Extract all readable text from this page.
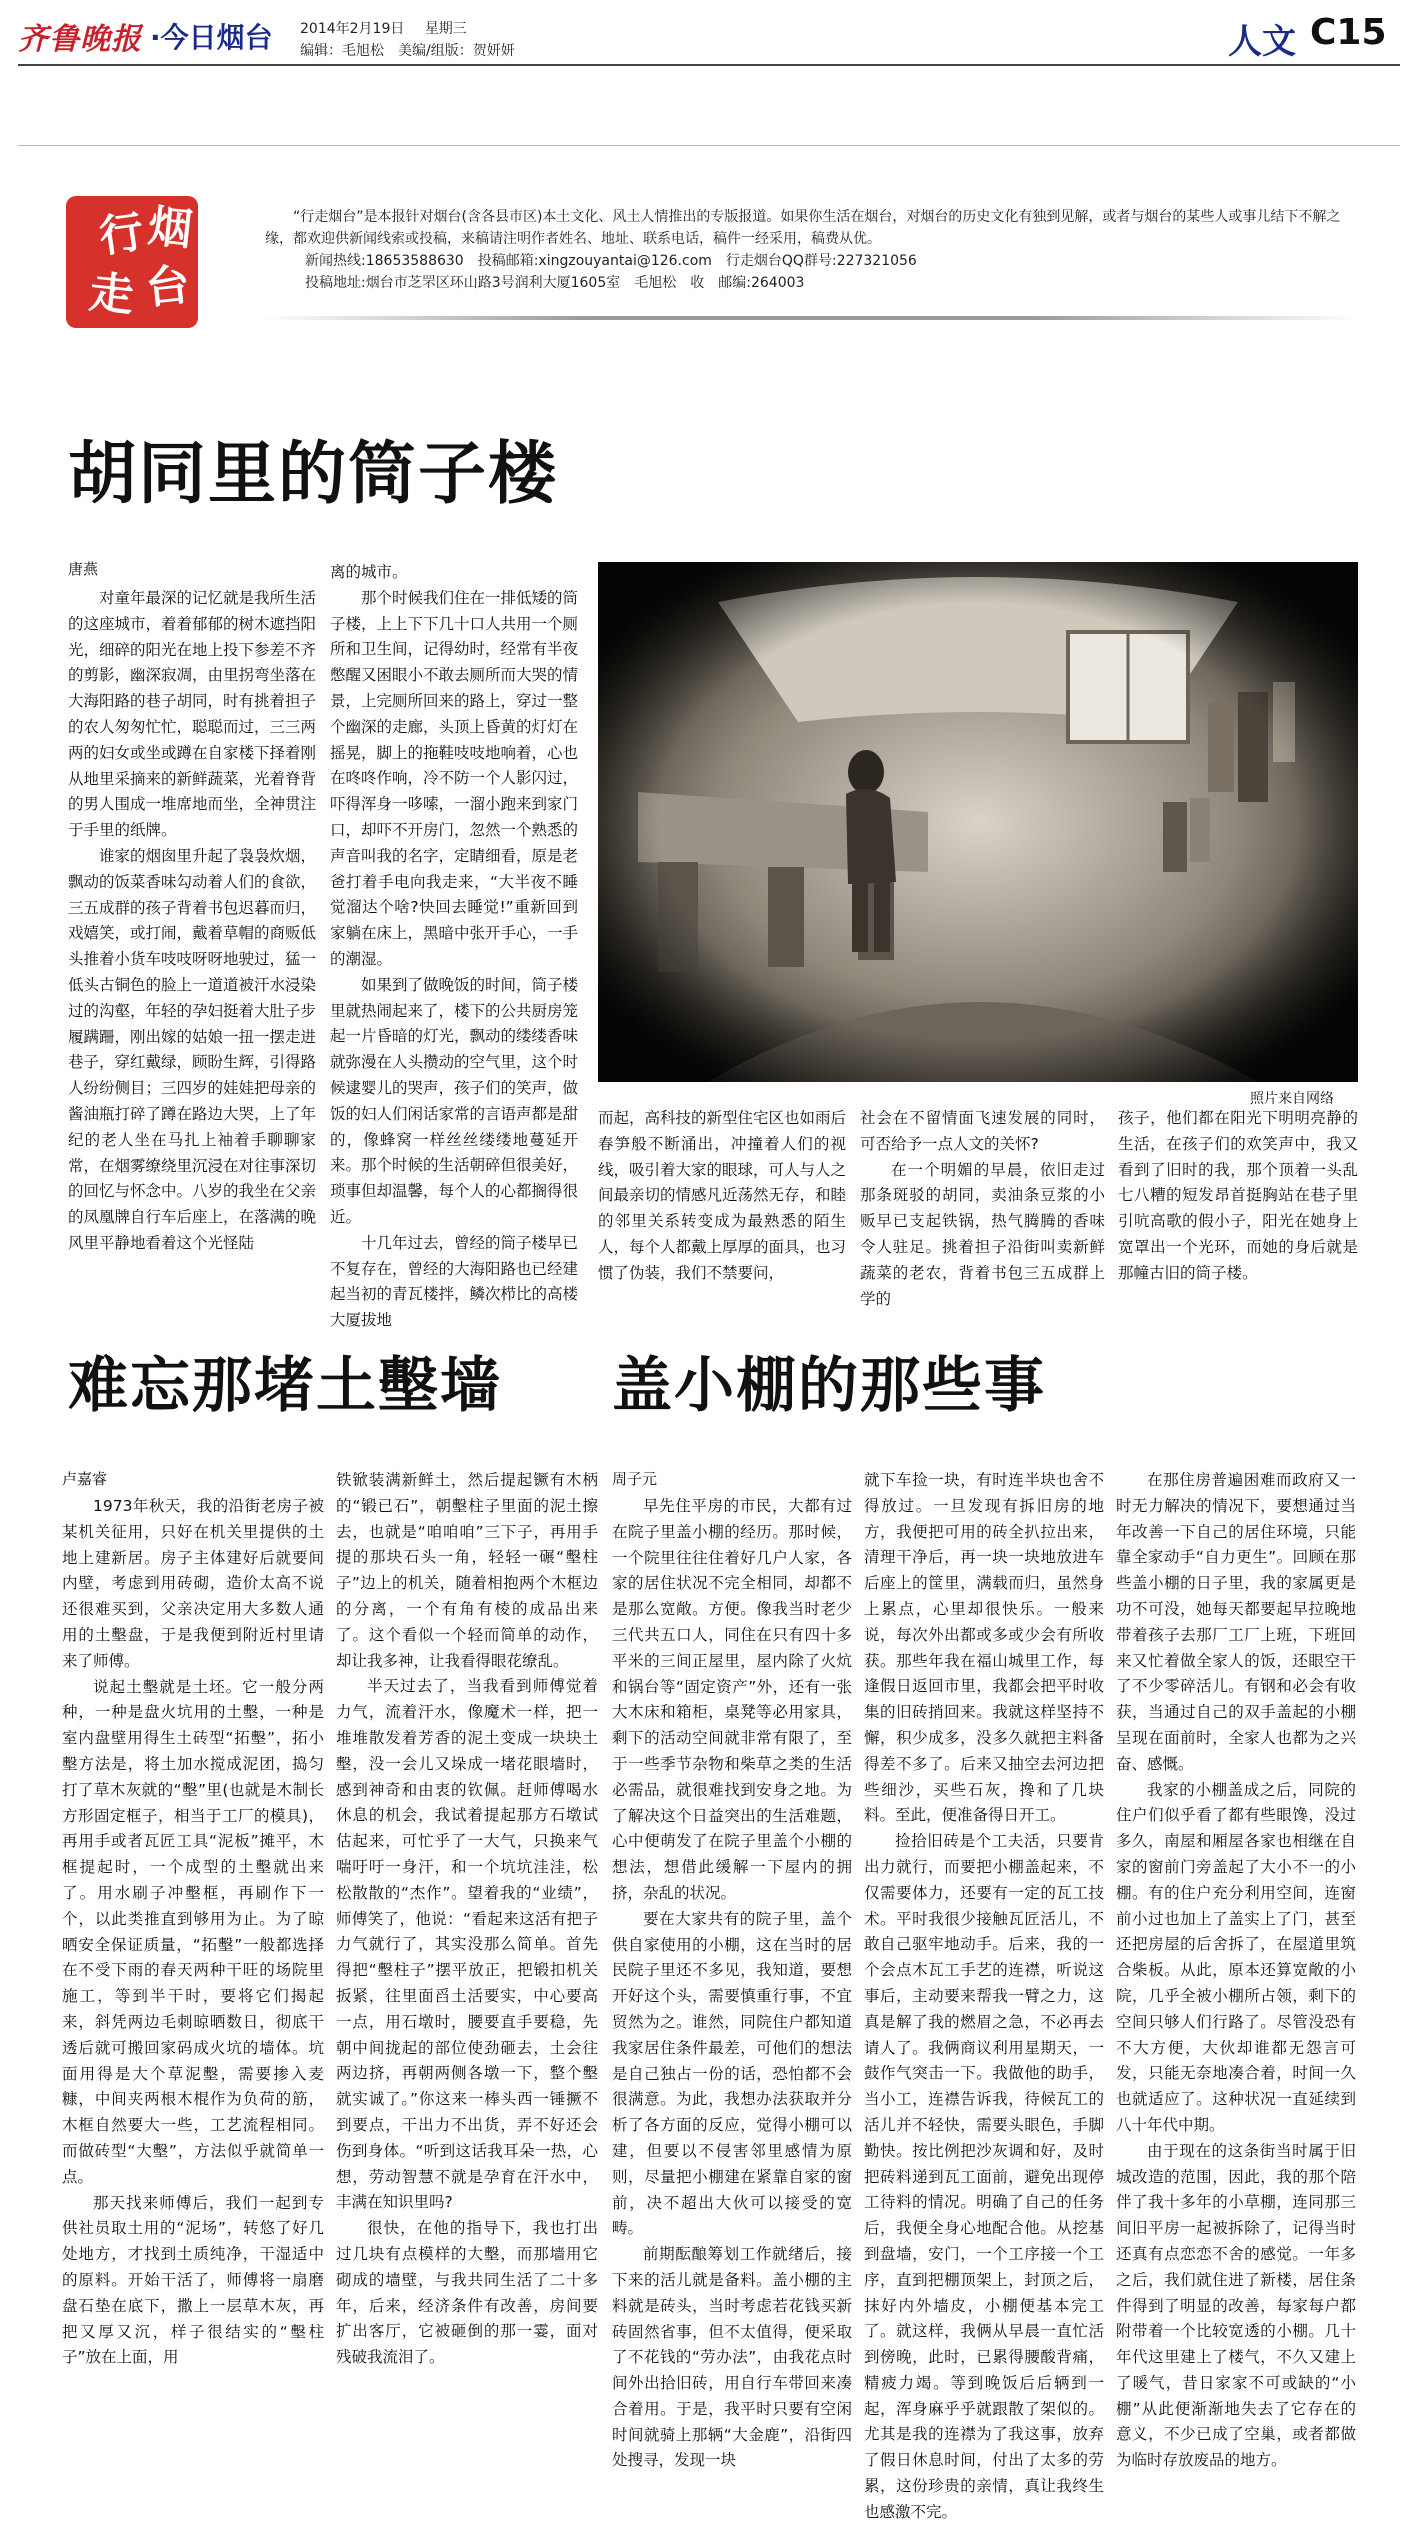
齐鲁晚报 ·今日烟台 2014年2月19日 星期三
编辑：毛旭松　美编/组版：贺妍妍	人文 C15
行
烟
走 台
“行走烟台”是本报针对烟台(含各县市区)本土文化、风土人情推出的专版报道。如果你生活在烟台，对烟台的历史文化有独到见解，或者与烟台的某些人或事儿结下不解之缘，都欢迎供新闻线索或投稿，来稿请注明作者姓名、地址、联系电话，稿件一经采用，稿费从优。
新闻热线:18653588630　投稿邮箱:xingzouyantai@126.com　行走烟台QQ群号:227321056
投稿地址:烟台市芝罘区环山路3号润利大厦1605室　毛旭松　收　邮编:264003
胡同里的筒子楼
唐燕

对童年最深的记忆就是我所生活的这座城市，着着郁郁的树木遮挡阳光，细碎的阳光在地上投下参差不齐的剪影，幽深寂凋，由里拐弯坐落在大海阳路的巷子胡同，时有挑着担子的农人匆匆忙忙，聪聪而过，三三两两的妇女或坐或蹲在自家楼下择着刚从地里采摘来的新鲜蔬菜，光着脊背的男人围成一堆席地而坐，全神贯注于手里的纸牌。

谁家的烟囱里升起了袅袅炊烟，飘动的饭菜香味勾动着人们的食欲，三五成群的孩子背着书包迟暮而归，戏嬉笑，或打闹，戴着草帽的商贩低头推着小货车吱吱呀呀地驶过，猛一低头古铜色的脸上一道道被汗水浸染过的沟壑，年轻的孕妇挺着大肚子步履蹒跚，刚出嫁的姑娘一扭一摆走进巷子，穿红戴绿，顾盼生辉，引得路人纷纷侧目；三四岁的娃娃把母亲的酱油瓶打碎了蹲在路边大哭，上了年纪的老人坐在马扎上袖着手聊聊家常，在烟雾缭绕里沉浸在对往事深切的回忆与怀念中。八岁的我坐在父亲的凤凰牌自行车后座上，在落满的晚风里平静地看着这个光怪陆

离的城市。

那个时候我们住在一排低矮的筒子楼，上上下下几十口人共用一个厕所和卫生间，记得幼时，经常有半夜憋醒又困眼小不敢去厕所而大哭的情景，上完厕所回来的路上，穿过一整个幽深的走廊，头顶上昏黄的灯灯在摇晃，脚上的拖鞋吱吱地响着，心也在咚咚作响，冷不防一个人影闪过，吓得浑身一哆嗦，一溜小跑来到家门口，却吓不开房门，忽然一个熟悉的声音叫我的名字，定睛细看，原是老爸打着手电向我走来，“大半夜不睡觉溜达个啥?快回去睡觉!”重新回到家躺在床上，黑暗中张开手心，一手的潮湿。

如果到了做晚饭的时间，筒子楼里就热闹起来了，楼下的公共厨房笼起一片昏暗的灯光，飘动的缕缕香味就弥漫在人头攒动的空气里，这个时候逮婴儿的哭声，孩子们的笑声，做饭的妇人们闲话家常的言语声都是甜的，像蜂窝一样丝丝缕缕地蔓延开来。那个时候的生活朝碎但很美好，琐事但却温馨，每个人的心都搁得很近。

十几年过去，曾经的筒子楼早已不复存在，曾经的大海阳路也已经建起当初的青瓦楼拌，鳞次栉比的高楼大厦拔地

照片来自网络

而起，高科技的新型住宅区也如雨后春笋般不断涌出，冲撞着人们的视线，吸引着大家的眼球，可人与人之间最亲切的情感凡近荡然无存，和睦的邻里关系转变成为最熟悉的陌生人，每个人都戴上厚厚的面具，也习惯了伪装，我们不禁要问，

社会在不留情面飞速发展的同时，可否给予一点人文的关怀?

在一个明媚的早晨，依旧走过那条斑驳的胡同，卖油条豆浆的小贩早已支起铁锅，热气腾腾的香味令人驻足。挑着担子沿街叫卖新鲜蔬菜的老农，背着书包三五成群上学的

孩子，他们都在阳光下明明亮静的生活，在孩子们的欢笑声中，我又看到了旧时的我，那个顶着一头乱七八糟的短发昂首挺胸站在巷子里引吭高歌的假小子，阳光在她身上宽罩出一个光环，而她的身后就是那幢古旧的筒子楼。

难忘那堵土墼墙
卢嘉睿

1973年秋天，我的沿街老房子被某机关征用，只好在机关里提供的土地上建新居。房子主体建好后就要间内壁，考虑到用砖砌，造价太高不说还很难买到，父亲决定用大多数人通用的土墼盘，于是我便到附近村里请来了师傅。

说起土墼就是土坯。它一般分两种，一种是盘火坑用的土墼，一种是室内盘壁用得生土砖型“拓墼”，拓小墼方法是，将土加水搅成泥团，捣匀打了草木灰就的“墼”里(也就是木制长方形固定框子，相当于工厂的模具)，再用手或者瓦匠工具“泥板”摊平，木框提起时，一个成型的土墼就出来了。用水刷子冲墼框，再刷作下一个，以此类推直到够用为止。为了晾晒安全保证质量，“拓墼”一般都选择在不受下雨的春天两种干旺的场院里施工，等到半干时，要将它们揭起来，斜凭两边毛刺晾晒数日，彻底干透后就可搬回家码成火坑的墙体。坑面用得是大个草泥墼，需要掺入麦糠，中间夹两根木棍作为负荷的筋，木框自然要大一些，工艺流程相同。而做砖型“大墼”，方法似乎就简单一点。

那天找来师傅后，我们一起到专供社员取土用的“泥场”，转悠了好几处地方，才找到土质纯净，干湿适中的原料。开始干活了，师傅将一扇磨盘石垫在底下，撒上一层草木灰，再把又厚又沉，样子很结实的“墼柱子”放在上面，用

铁锨装满新鲜土，然后提起镢有木柄的“锻已石”，朝墼柱子里面的泥土擦去，也就是“咱咱咱”三下子，再用手提的那块石头一角，轻轻一碾“墼柱子”边上的机关，随着相抱两个木框边的分离，一个有角有棱的成品出来了。这个看似一个轻而简单的动作，却让我多神，让我看得眼花缭乱。

半天过去了，当我看到师傅觉着力气，流着汗水，像魔术一样，把一堆堆散发着芳香的泥土变成一块块土墼，没一会儿又垛成一堵花眼墙时，感到神奇和由衷的钦佩。赶师傅喝水休息的机会，我试着提起那方石墩试估起来，可忙乎了一大气，只换来气喘吁吁一身汗，和一个坑坑洼洼，松松散散的“杰作”。望着我的“业绩”，师傅笑了，他说：“看起来这活有把子力气就行了，其实没那么简单。首先得把“墼柱子”摆平放正，把锻扣机关扳紧，往里面舀土活要实，中心要高一点，用石墩时，腰要直手要稳，先朝中间拢起的部位使劲砸去，土会往两边挤，再朝两侧各墩一下，整个墼就实诚了。”你这来一棒头西一锤撅不到要点，干出力不出货，弄不好还会伤到身体。“听到这话我耳朵一热，心想，劳动智慧不就是孕育在汗水中，丰满在知识里吗?

很快，在他的指导下，我也打出过几块有点模样的大墼，而那墙用它砌成的墙壁，与我共同生活了二十多年，后来，经济条件有改善，房间要扩出客厅，它被砸倒的那一霎，面对残破我流泪了。

盖小棚的那些事
周子元

早先住平房的市民，大都有过在院子里盖小棚的经历。那时候，一个院里往往住着好几户人家，各家的居住状况不完全相同，却都不是那么宽敞。方便。像我当时老少三代共五口人，同住在只有四十多平米的三间正屋里，屋内除了火炕和锅台等“固定资产”外，还有一张大木床和箱柜，桌凳等必用家具，剩下的活动空间就非常有限了，至于一些季节杂物和柴草之类的生活必需品，就很难找到安身之地。为了解决这个日益突出的生活难题，心中便萌发了在院子里盖个小棚的想法，想借此缓解一下屋内的拥挤，杂乱的状况。

要在大家共有的院子里，盖个供自家使用的小棚，这在当时的居民院子里还不多见，我知道，要想开好这个头，需要慎重行事，不宜贸然为之。谁然，同院住户都知道我家居住条件最差，可他们的想法是自己独占一份的话，恐怕都不会很满意。为此，我想办法获取并分析了各方面的反应，觉得小棚可以建，但要以不侵害邻里感情为原则，尽量把小棚建在紧靠自家的窗前，决不超出大伙可以接受的宽畴。

前期酝酿筹划工作就绪后，接下来的活儿就是备料。盖小棚的主料就是砖头，当时考虑若花钱买新砖固然省事，但不太值得，便采取了不花钱的“劳办法”，由我花点时间外出拾旧砖，用自行车带回来凑合着用。于是，我平时只要有空闲时间就骑上那辆“大金鹿”，沿街四处搜寻，发现一块

就下车捡一块，有时连半块也舍不得放过。一旦发现有拆旧房的地方，我便把可用的砖全扒拉出来，清理干净后，再一块一块地放进车后座上的筐里，满载而归，虽然身上累点，心里却很快乐。一般来说，每次外出都或多或少会有所收获。那些年我在福山城里工作，每逢假日返回市里，我都会把平时收集的旧砖捎回来。我就这样坚持不懈，积少成多，没多久就把主料备得差不多了。后来又抽空去河边把些细沙，买些石灰，搀和了几块料。至此，便准备得日开工。

捡拾旧砖是个工夫活，只要肯出力就行，而要把小棚盖起来，不仅需要体力，还要有一定的瓦工技术。平时我很少接触瓦匠活儿，不敢自己驱牢地动手。后来，我的一个会点木瓦工手艺的连襟，听说这事后，主动要来帮我一臂之力，这真是解了我的燃眉之急，不必再去请人了。我俩商议利用星期天，一鼓作气突击一下。我做他的助手，当小工，连襟告诉我，待候瓦工的活儿并不轻快，需要头眼色，手脚勤快。按比例把沙灰调和好，及时把砖料递到瓦工面前，避免出现停工待料的情况。明确了自己的任务后，我便全身心地配合他。从挖基到盘墙，安门，一个工序接一个工序，直到把棚顶架上，封顶之后，抹好内外墙皮，小棚便基本完工了。就这样，我俩从早晨一直忙活到傍晚，此时，已累得腰酸背痛，精疲力竭。等到晚饭后后辆到一起，浑身麻乎乎就跟散了架似的。尤其是我的连襟为了我这事，放弃了假日休息时间，付出了太多的劳累，这份珍贵的亲情，真让我终生也感激不完。

在那住房普遍困难而政府又一时无力解决的情况下，要想通过当年改善一下自己的居住环境，只能靠全家动手“自力更生”。回顾在那些盖小棚的日子里，我的家属更是功不可没，她每天都要起早拉晚地带着孩子去那厂工厂上班，下班回来又忙着做全家人的饭，还眼空干了不少零碎活儿。有钢和必会有收获，当通过自己的双手盖起的小棚呈现在面前时，全家人也都为之兴奋、感慨。

我家的小棚盖成之后，同院的住户们似乎看了都有些眼馋，没过多久，南屋和厢屋各家也相继在自家的窗前门旁盖起了大小不一的小棚。有的住户充分利用空间，连窗前小过也加上了盖实上了门，甚至还把房屋的后舍拆了，在屋道里筑合柴板。从此，原本还算宽敞的小院，几乎全被小棚所占领，剩下的空间只够人们行路了。尽管没恐有不大方便，大伙却谁都无怨言可发，只能无奈地凑合着，时间一久也就适应了。这种状况一直延续到八十年代中期。

由于现在的这条街当时属于旧城改造的范围，因此，我的那个陪伴了我十多年的小草棚，连同那三间旧平房一起被拆除了，记得当时还真有点恋恋不舍的感觉。一年多之后，我们就住进了新楼，居住条件得到了明显的改善，每家每户都附带着一个比较宽透的小棚。几十年代这里建上了楼气，不久又建上了暖气，昔日家家不可或缺的“小棚”从此便渐渐地失去了它存在的意义，不少已成了空巢，或者都做为临时存放废品的地方。
